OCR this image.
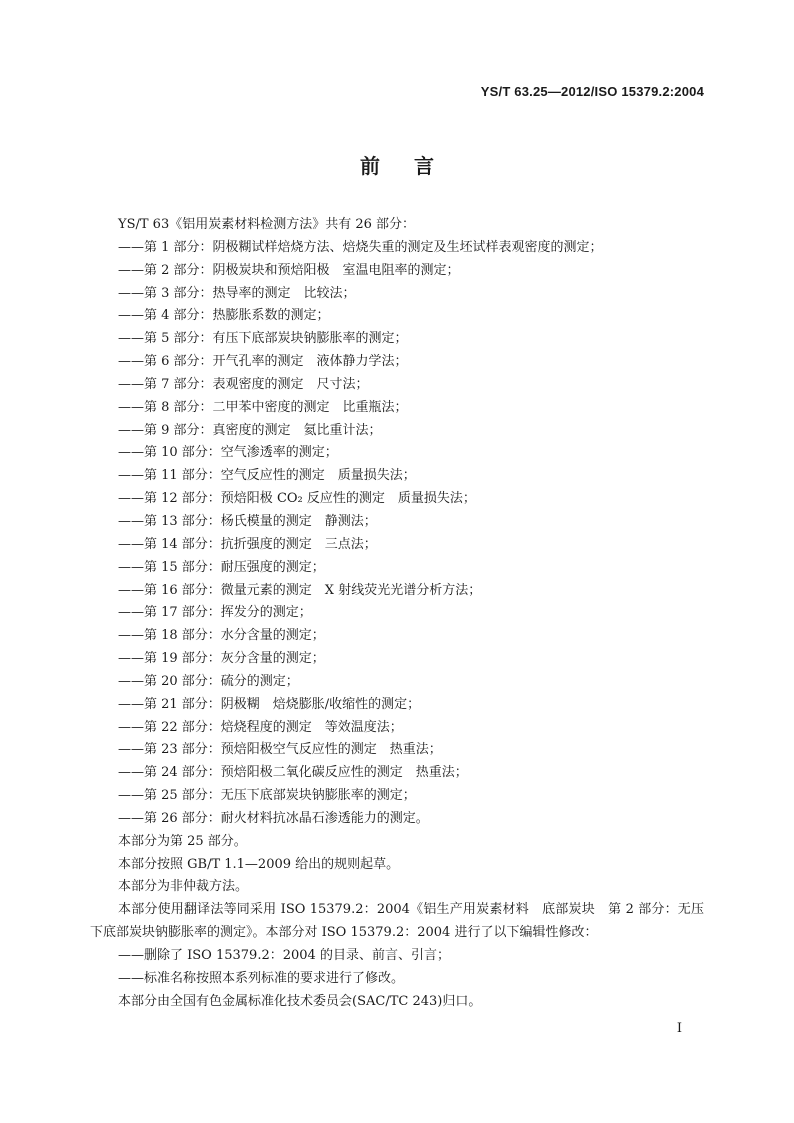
YS/T 63.25—2012/ISO 15379.2:2004
前言

YS/T 63《铝用炭素材料检测方法》共有 26 部分：

——第 1 部分：阴极糊试样焙烧方法、焙烧失重的测定及生坯试样表观密度的测定；

——第 2 部分：阴极炭块和预焙阳极　室温电阻率的测定；

——第 3 部分：热导率的测定　比较法；

——第 4 部分：热膨胀系数的测定；

——第 5 部分：有压下底部炭块钠膨胀率的测定；

——第 6 部分：开气孔率的测定　液体静力学法；

——第 7 部分：表观密度的测定　尺寸法；

——第 8 部分：二甲苯中密度的测定　比重瓶法；

——第 9 部分：真密度的测定　氦比重计法；

——第 10 部分：空气渗透率的测定；

——第 11 部分：空气反应性的测定　质量损失法；

——第 12 部分：预焙阳极 CO₂ 反应性的测定　质量损失法；

——第 13 部分：杨氏模量的测定　静测法；

——第 14 部分：抗折强度的测定　三点法；

——第 15 部分：耐压强度的测定；

——第 16 部分：微量元素的测定　X 射线荧光光谱分析方法；

——第 17 部分：挥发分的测定；

——第 18 部分：水分含量的测定；

——第 19 部分：灰分含量的测定；

——第 20 部分：硫分的测定；

——第 21 部分：阴极糊　焙烧膨胀/收缩性的测定；

——第 22 部分：焙烧程度的测定　等效温度法；

——第 23 部分：预焙阳极空气反应性的测定　热重法；

——第 24 部分：预焙阳极二氧化碳反应性的测定　热重法；

——第 25 部分：无压下底部炭块钠膨胀率的测定；

——第 26 部分：耐火材料抗冰晶石渗透能力的测定。

本部分为第 25 部分。

本部分按照 GB/T 1.1—2009 给出的规则起草。

本部分为非仲裁方法。

本部分使用翻译法等同采用 ISO 15379.2：2004《铝生产用炭素材料　底部炭块　第 2 部分：无压下底部炭块钠膨胀率的测定》。本部分对 ISO 15379.2：2004 进行了以下编辑性修改：

——删除了 ISO 15379.2：2004 的目录、前言、引言；

——标准名称按照本系列标准的要求进行了修改。

本部分由全国有色金属标准化技术委员会(SAC/TC 243)归口。

I
